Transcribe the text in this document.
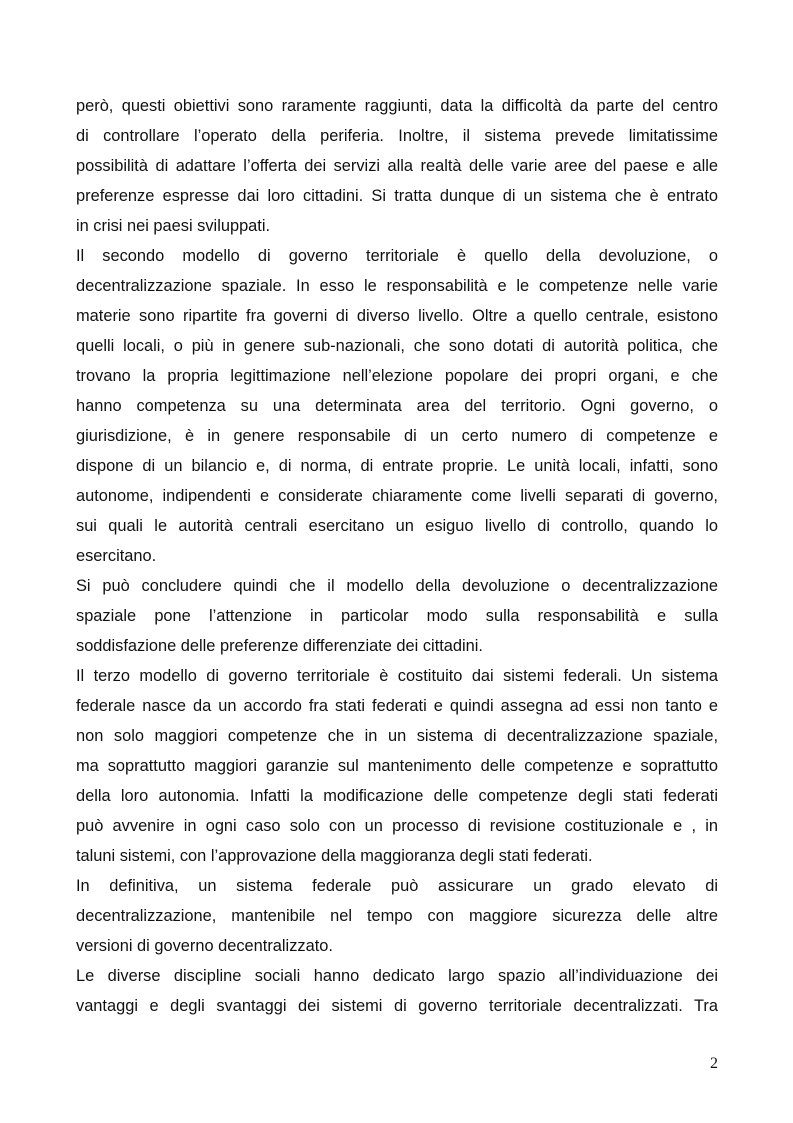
però, questi obiettivi sono raramente raggiunti, data la difficoltà da parte del centro
di controllare l’operato della periferia. Inoltre, il sistema prevede limitatissime
possibilità di adattare l’offerta dei servizi alla realtà delle varie aree del paese e alle
preferenze espresse dai loro cittadini. Si tratta dunque di un sistema che è entrato
in crisi nei paesi sviluppati.
Il secondo modello di governo territoriale è quello della devoluzione, o
decentralizzazione spaziale. In esso le responsabilità e le competenze nelle varie
materie sono ripartite fra governi di diverso livello. Oltre a quello centrale, esistono
quelli locali, o più in genere sub-nazionali, che sono dotati di autorità politica, che
trovano la propria legittimazione nell’elezione popolare dei propri organi, e che
hanno competenza su una determinata area del territorio. Ogni governo, o
giurisdizione, è in genere responsabile di un certo numero di competenze e
dispone di un bilancio e, di norma, di entrate proprie. Le unità locali, infatti, sono
autonome, indipendenti e considerate chiaramente come livelli separati di governo,
sui quali le autorità centrali esercitano un esiguo livello di controllo, quando lo
esercitano.
Si può concludere quindi che il modello della devoluzione o decentralizzazione
spaziale pone l’attenzione in particolar modo sulla responsabilità e sulla
soddisfazione delle preferenze differenziate dei cittadini.
Il terzo modello di governo territoriale è costituito dai sistemi federali. Un sistema
federale nasce da un accordo fra stati federati e quindi assegna ad essi non tanto e
non solo maggiori competenze che in un sistema di decentralizzazione spaziale,
ma soprattutto maggiori garanzie sul mantenimento delle competenze e soprattutto
della loro autonomia. Infatti la modificazione delle competenze degli stati federati
può avvenire in ogni caso solo con un processo di revisione costituzionale e , in
taluni sistemi, con l’approvazione della maggioranza degli stati federati.
In definitiva, un sistema federale può assicurare un grado elevato di
decentralizzazione, mantenibile nel tempo con maggiore sicurezza delle altre
versioni di governo decentralizzato.
Le diverse discipline sociali hanno dedicato largo spazio all’individuazione dei
vantaggi e degli svantaggi dei sistemi di governo territoriale decentralizzati. Tra
2
